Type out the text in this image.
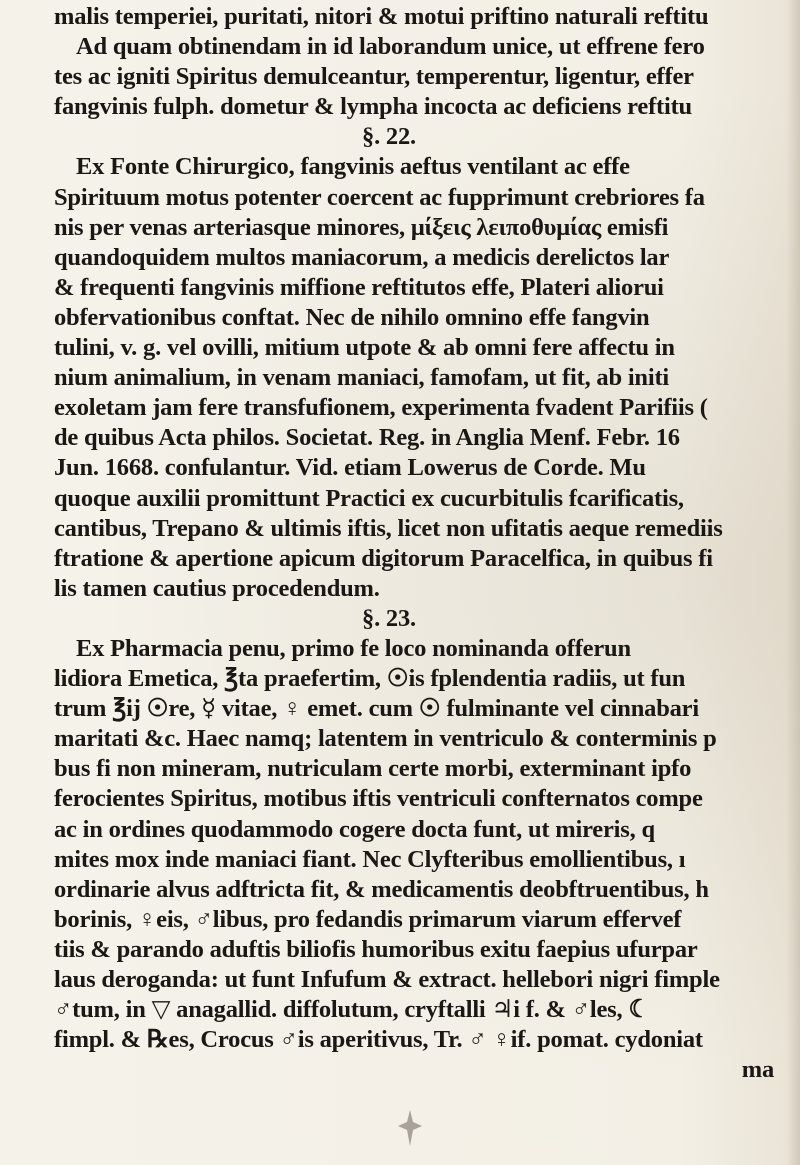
malis temperiei, puritati, nitori & motui priftino naturali reftitu
Ad quam obtinendam in id laborandum unice, ut effrene fero
tes ac igniti Spiritus demulceantur, temperentur, ligentur, effer
fangvinis fulph. dometur & lympha incocta ac deficiens reftitu
§. 22.
Ex Fonte Chirurgico, fangvinis aeftus ventilant ac effe
Spirituum motus potenter coercent ac fupprimunt crebriores fa
nis per venas arteriasque minores, μίξεις λειποθυμίας emisfi
quandoquidem multos maniacorum, a medicis derelictos lar
& frequenti fangvinis miffione reftitutos effe, Plateri aliorui
obfervationibus conftat. Nec de nihilo omnino effe fangvin
tulini, v. g. vel ovilli, mitium utpote & ab omni fere affectu in
nium animalium, in venam maniaci, famofam, ut fit, ab initi
exoletam jam fere transfufionem, experimenta fvadent Parifiis (
de quibus Acta philos. Societat. Reg. in Anglia Menf. Febr. 16
Jun. 1668. confulantur. Vid. etiam Lowerus de Corde. Mu
quoque auxilii promittunt Practici ex cucurbitulis fcarificatis,
cantibus, Trepano & ultimis iftis, licet non ufitatis aeque remediis
ftratione & apertione apicum digitorum Paracelfica, in quibus fi
lis tamen cautius procedendum.
§. 23.
Ex Pharmacia penu, primo fe loco nominanda offerun
lidiora Emetica, ℥ta praefertim, ☉is fplendentia radiis, ut fun
trum ℥ij ☉re, ☿ vitae, ♀ emet. cum ☉ fulminante vel cinnabari
maritati &c. Haec namq; latentem in ventriculo & conterminis p
bus fi non mineram, nutriculam certe morbi, exterminant ipfo
ferocientes Spiritus, motibus iftis ventriculi confternatos compe
ac in ordines quodammodo cogere docta funt, ut mireris, q
mites mox inde maniaci fiant. Nec Clyfteribus emollientibus, ı
ordinarie alvus adftricta fit, & medicamentis deobftruentibus, h
borinis, ♀eis, ♂libus, pro fedandis primarum viarum effervef
tiis & parando aduftis biliofis humoribus exitu faepius ufurpar
laus deroganda: ut funt Infufum & extract. hellebori nigri fimple
♂tum, in ▽ anagallid. diffolutum, cryftalli ♃i f. & ♂les, ☾
fimpl. & ℞es, Crocus ♂is aperitivus, Tr. ♂ ♀if. pomat. cydoniat
ma
